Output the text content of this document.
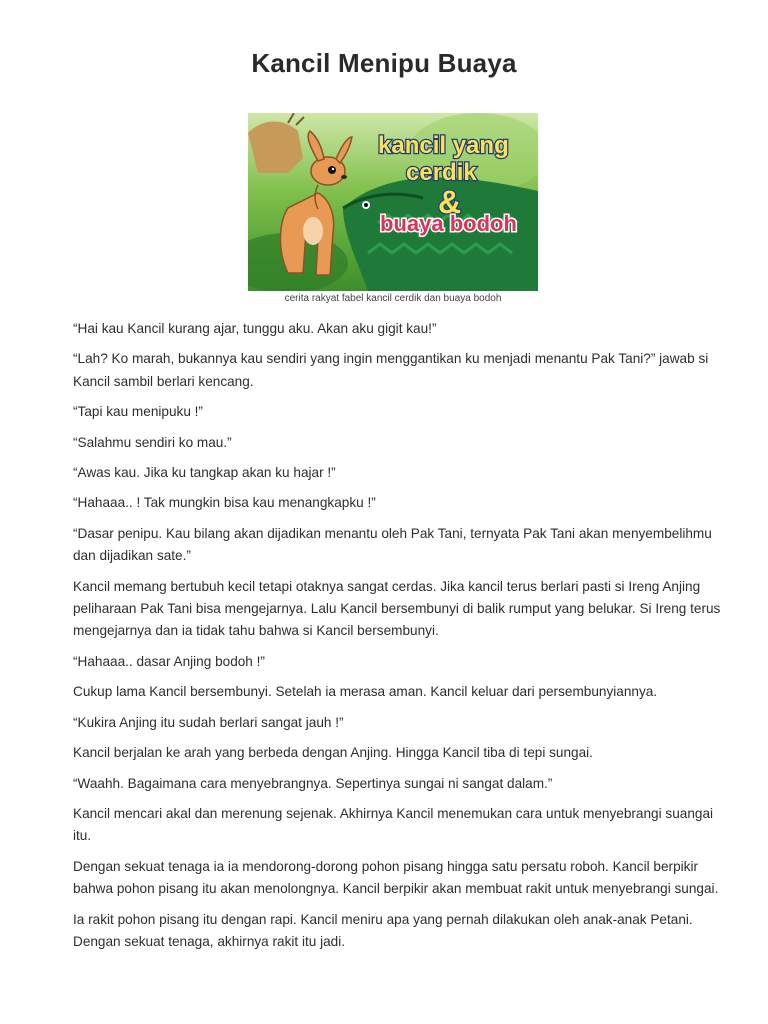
Kancil Menipu Buaya
kancil yang
cerdik
&
buaya bodoh
cerita rakyat fabel kancil cerdik dan buaya bodoh

“Hai kau Kancil kurang ajar, tunggu aku. Akan aku gigit kau!”

“Lah? Ko marah, bukannya kau sendiri yang ingin menggantikan ku menjadi menantu Pak Tani?” jawab si Kancil sambil berlari kencang.

“Tapi kau menipuku !”

“Salahmu sendiri ko mau.”

“Awas kau. Jika ku tangkap akan ku hajar !”

“Hahaaa.. ! Tak mungkin bisa kau menangkapku !”

“Dasar penipu. Kau bilang akan dijadikan menantu oleh Pak Tani, ternyata Pak Tani akan menyembelihmu dan dijadikan sate.”

Kancil memang bertubuh kecil tetapi otaknya sangat cerdas. Jika kancil terus berlari pasti si Ireng Anjing peliharaan Pak Tani bisa mengejarnya. Lalu Kancil bersembunyi di balik rumput yang belukar. Si Ireng terus mengejarnya dan ia tidak tahu bahwa si Kancil bersembunyi.

“Hahaaa.. dasar Anjing bodoh !”

Cukup lama Kancil bersembunyi. Setelah ia merasa aman. Kancil keluar dari persembunyiannya.

“Kukira Anjing itu sudah berlari sangat jauh !”

Kancil berjalan ke arah yang berbeda dengan Anjing. Hingga Kancil tiba di tepi sungai.

“Waahh. Bagaimana cara menyebrangnya. Sepertinya sungai ni sangat dalam.”

Kancil mencari akal dan merenung sejenak. Akhirnya Kancil menemukan cara untuk menyebrangi suangai itu.

Dengan sekuat tenaga ia ia mendorong-dorong pohon pisang hingga satu persatu roboh. Kancil berpikir bahwa pohon pisang itu akan menolongnya. Kancil berpikir akan membuat rakit untuk menyebrangi sungai.

Ia rakit pohon pisang itu dengan rapi. Kancil meniru apa yang pernah dilakukan oleh anak-anak Petani. Dengan sekuat tenaga, akhirnya rakit itu jadi.
